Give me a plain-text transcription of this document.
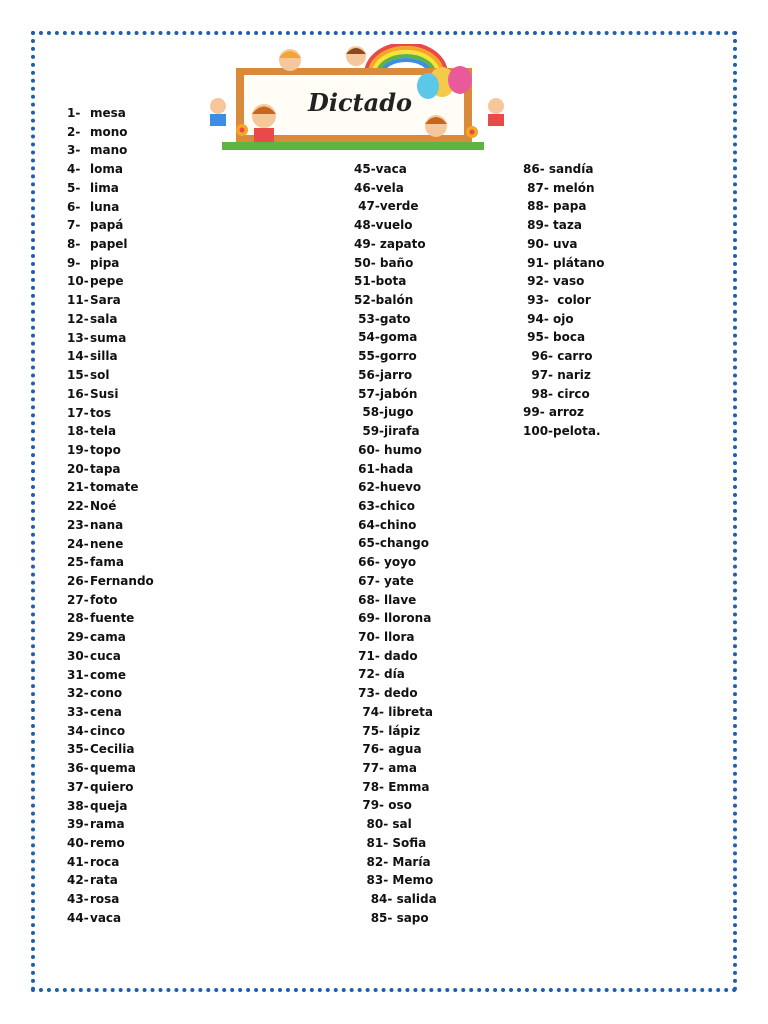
Dictado
1- mesa
2- mono
3- mano
4- loma
5- lima
6- luna
7- papá
8- papel
9- pipa
10-pepe
11-Sara
12-sala
13-suma
14-silla
15-sol
16-Susi
17-tos
18-tela
19-topo
20-tapa
21-tomate
22-Noé
23-nana
24-nene
25-fama
26-Fernando
27-foto
28-fuente
29-cama
30-cuca
31-come
32-cono
33-cena
34-cinco
35-Cecilia
36-quema
37-quiero
38-queja
39-rama
40-remo
41-roca
42-rata
43-rosa
44-vaca
45-vaca
46-vela
47-verde
48-vuelo
49- zapato
50- baño
51-bota
52-balón
53-gato
54-goma
55-gorro
56-jarro
57-jabón
58-jugo
59-jirafa
60- humo
61-hada
62-huevo
63-chico
64-chino
65-chango
66- yoyo
67- yate
68- llave
69- llorona
70- llora
71- dado
72- día
73- dedo
74- libreta
75- lápiz
76- agua
77- ama
78- Emma
79- oso
80- sal
81- Sofia
82- María
83- Memo
84- salida
85- sapo
86- sandía
87- melón
88- papa
89- taza
90- uva
91- plátano
92- vaso
93-  color
94- ojo
95- boca
96- carro
97- nariz
98- circo
99- arroz
100-pelota.
